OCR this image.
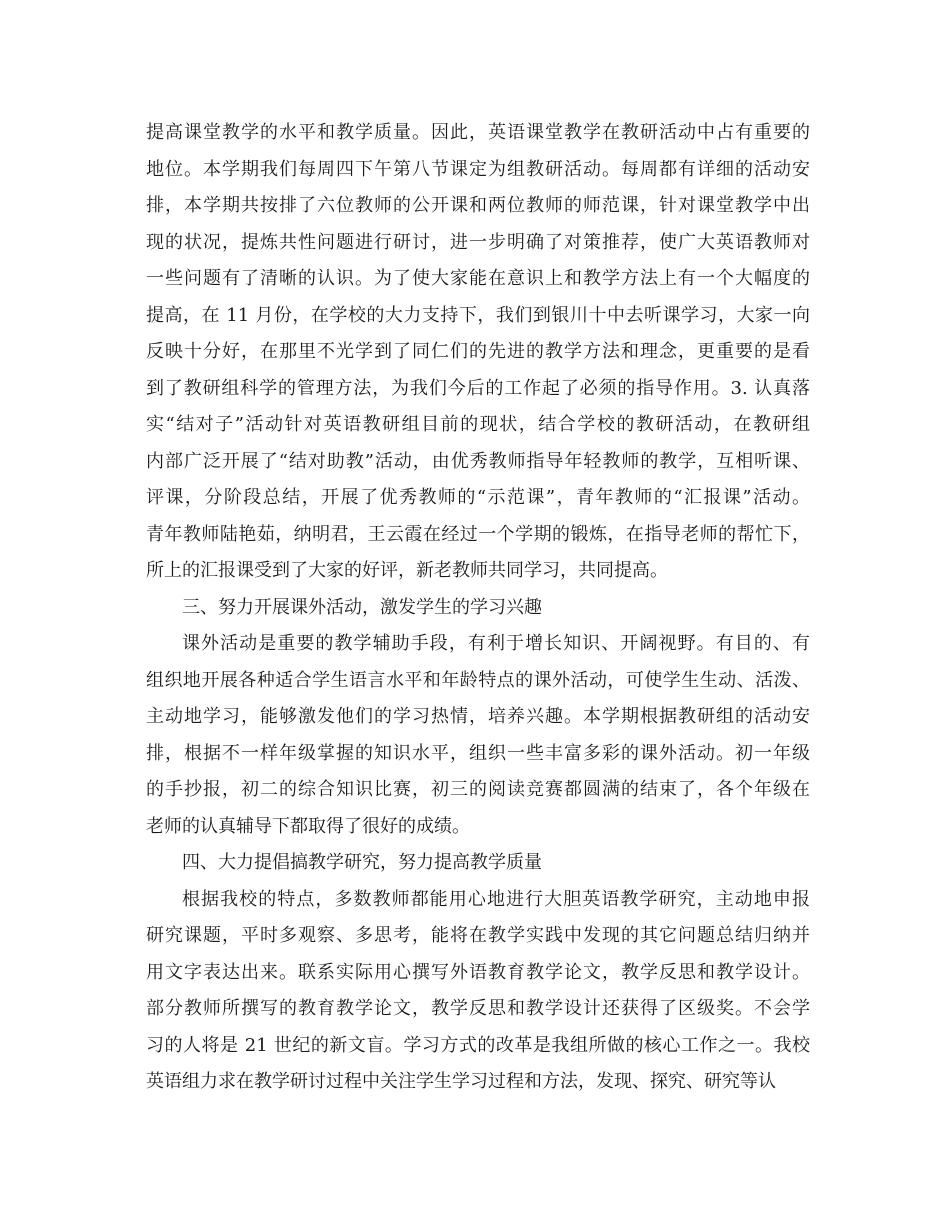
提高课堂教学的水平和教学质量。因此，英语课堂教学在教研活动中占有重要的
地位。本学期我们每周四下午第八节课定为组教研活动。每周都有详细的活动安
排，本学期共按排了六位教师的公开课和两位教师的师范课，针对课堂教学中出
现的状况，提炼共性问题进行研讨，进一步明确了对策推荐，使广大英语教师对
一些问题有了清晰的认识。为了使大家能在意识上和教学方法上有一个大幅度的
提高，在 11 月份，在学校的大力支持下，我们到银川十中去听课学习，大家一向
反映十分好，在那里不光学到了同仁们的先进的教学方法和理念，更重要的是看
到了教研组科学的管理方法，为我们今后的工作起了必须的指导作用。3. 认真落
实“结对子”活动针对英语教研组目前的现状，结合学校的教研活动，在教研组
内部广泛开展了“结对助教”活动，由优秀教师指导年轻教师的教学，互相听课、
评课，分阶段总结，开展了优秀教师的“示范课”，青年教师的“汇报课”活动。
青年教师陆艳茹，纳明君，王云霞在经过一个学期的锻炼，在指导老师的帮忙下，
所上的汇报课受到了大家的好评，新老教师共同学习，共同提高。
三、努力开展课外活动，激发学生的学习兴趣
课外活动是重要的教学辅助手段，有利于增长知识、开阔视野。有目的、有
组织地开展各种适合学生语言水平和年龄特点的课外活动，可使学生生动、活泼、
主动地学习，能够激发他们的学习热情，培养兴趣。本学期根据教研组的活动安
排，根据不一样年级掌握的知识水平，组织一些丰富多彩的课外活动。初一年级
的手抄报，初二的综合知识比赛，初三的阅读竞赛都圆满的结束了，各个年级在
老师的认真辅导下都取得了很好的成绩。
四、大力提倡搞教学研究，努力提高教学质量
根据我校的特点，多数教师都能用心地进行大胆英语教学研究，主动地申报
研究课题，平时多观察、多思考，能将在教学实践中发现的其它问题总结归纳并
用文字表达出来。联系实际用心撰写外语教育教学论文，教学反思和教学设计。
部分教师所撰写的教育教学论文，教学反思和教学设计还获得了区级奖。不会学
习的人将是 21 世纪的新文盲。学习方式的改革是我组所做的核心工作之一。我校
英语组力求在教学研讨过程中关注学生学习过程和方法，发现、探究、研究等认
